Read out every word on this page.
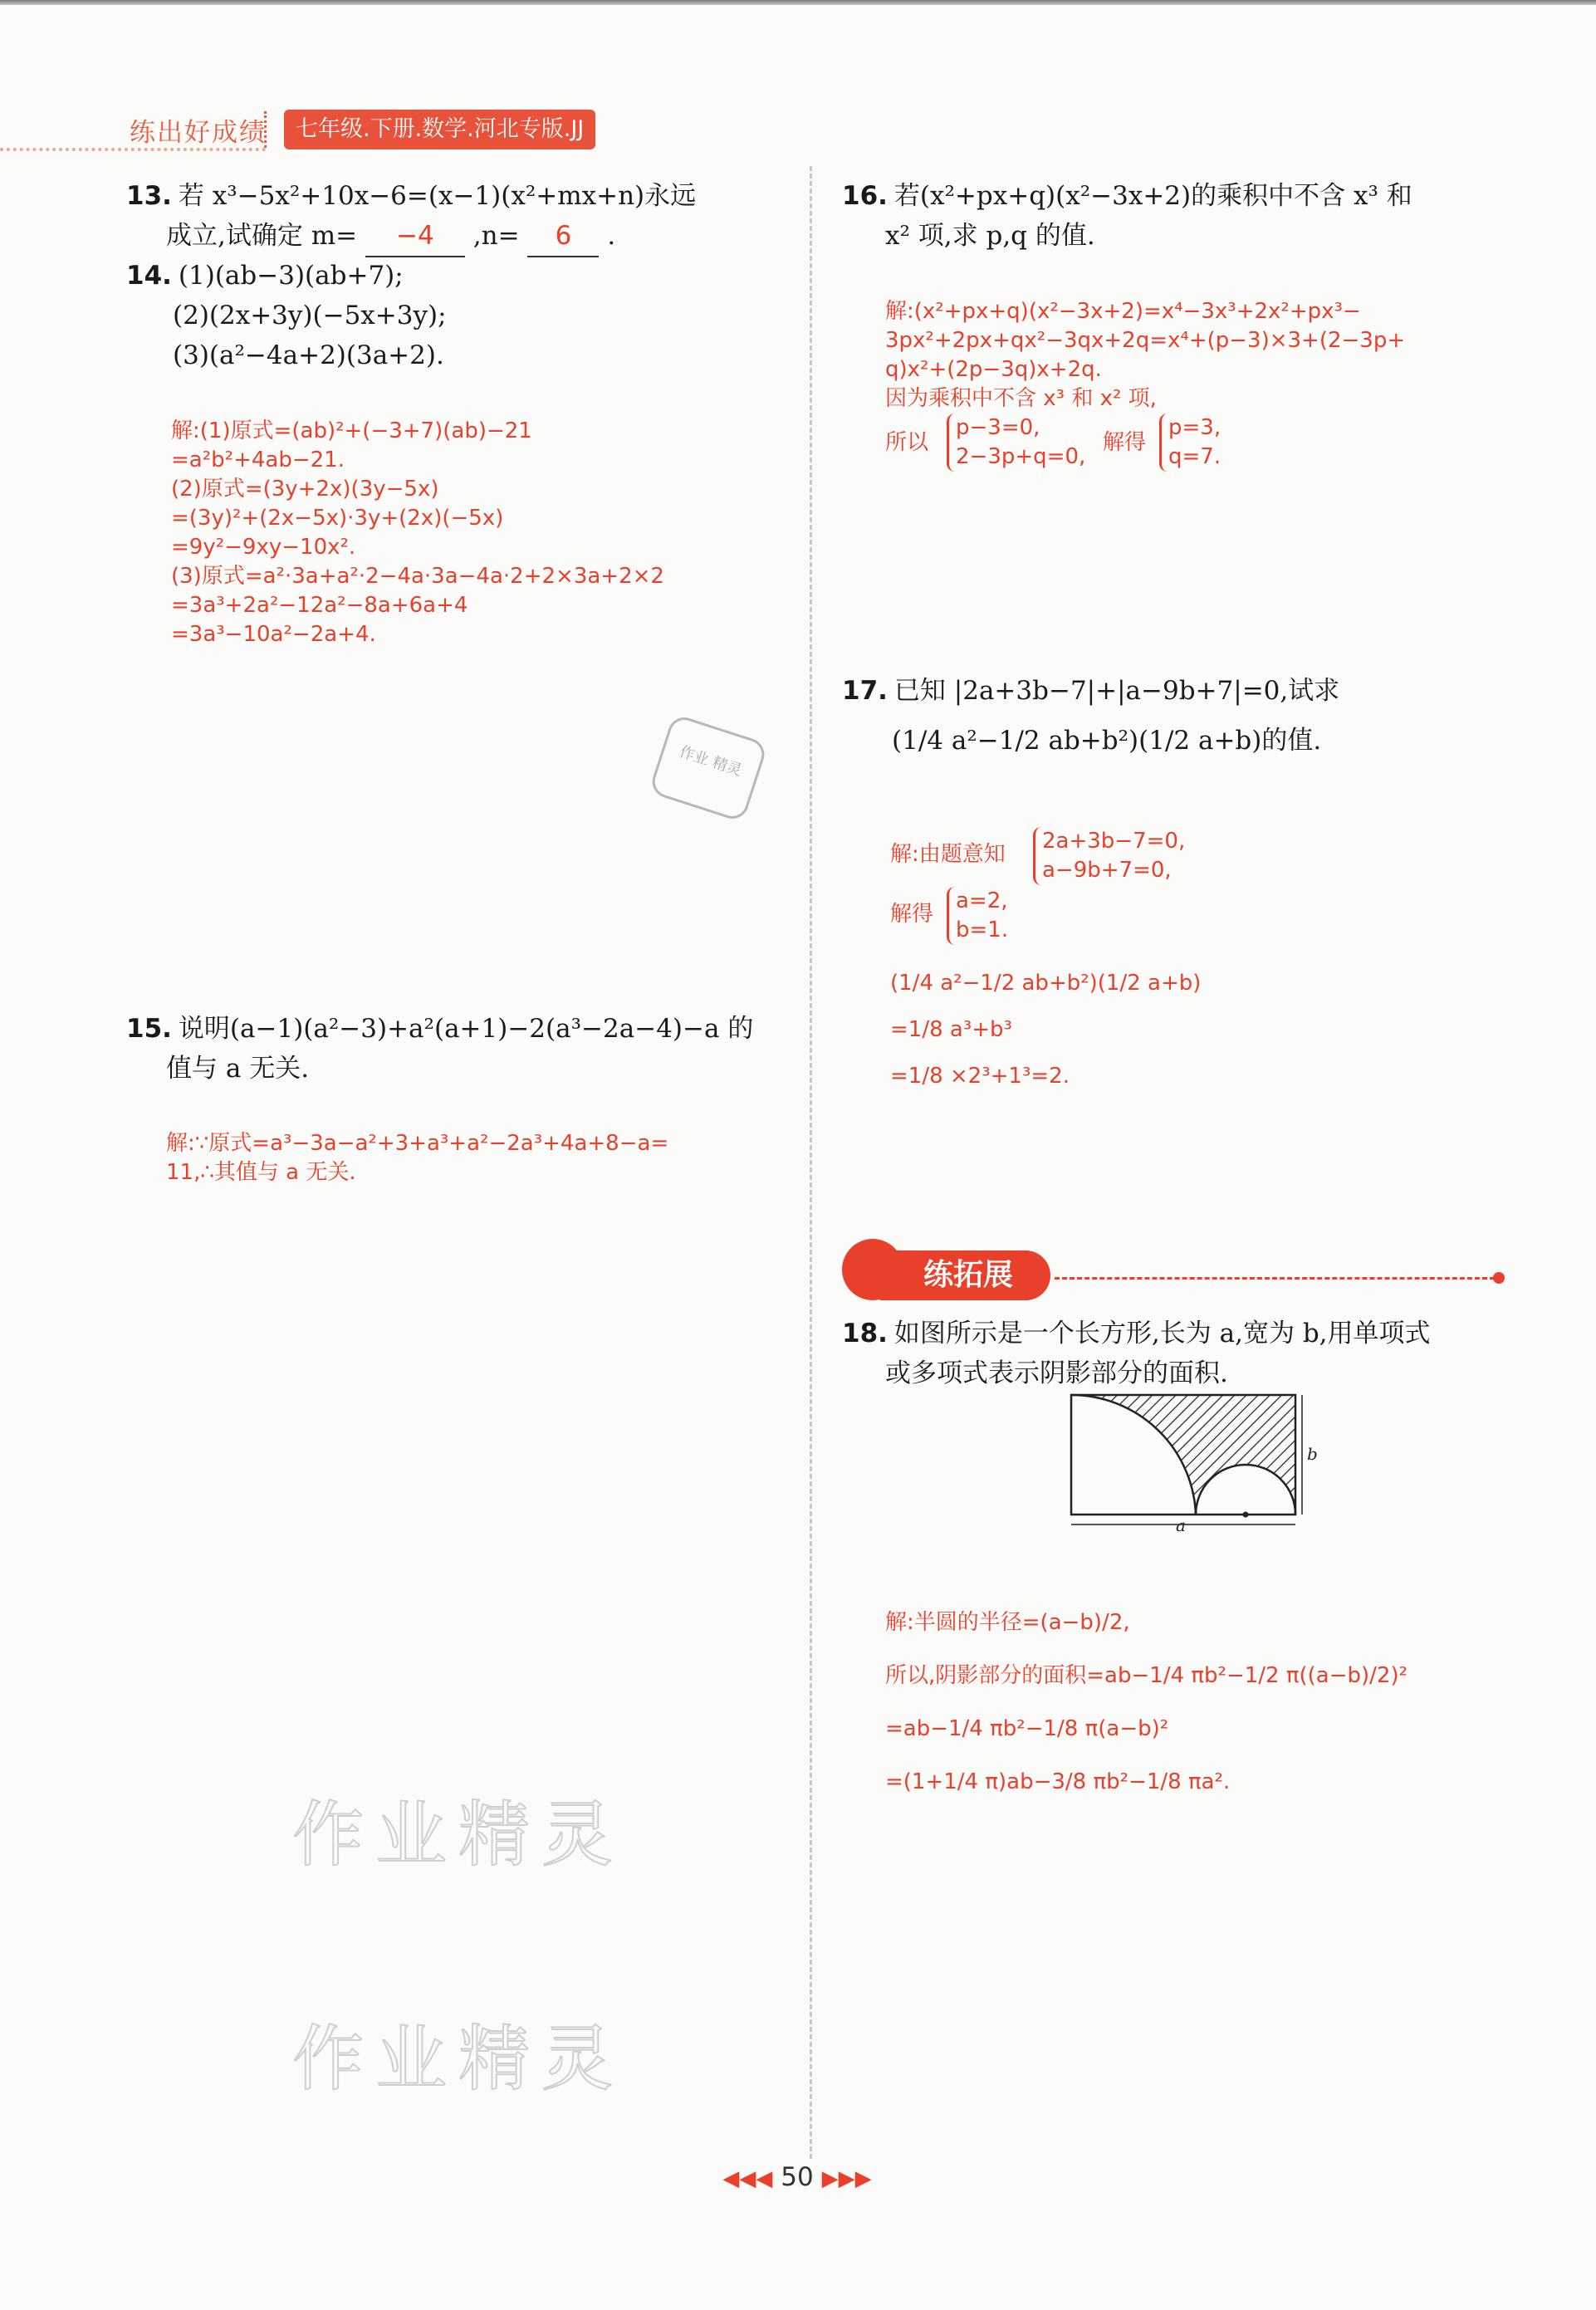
练出好成绩	七年级.下册.数学.河北专版.JJ
13. 若 x³−5x²+10x−6=(x−1)(x²+mx+n)永远
成立,试确定 m= −4 ,n= 6 .
14. (1)(ab−3)(ab+7);
(2)(2x+3y)(−5x+3y);
(3)(a²−4a+2)(3a+2).
解:(1)原式=(ab)²+(−3+7)(ab)−21
=a²b²+4ab−21.
(2)原式=(3y+2x)(3y−5x)
=(3y)²+(2x−5x)·3y+(2x)(−5x)
=9y²−9xy−10x².
(3)原式=a²·3a+a²·2−4a·3a−4a·2+2×3a+2×2
=3a³+2a²−12a²−8a+6a+4
=3a³−10a²−2a+4.
作业 精灵
15. 说明(a−1)(a²−3)+a²(a+1)−2(a³−2a−4)−a 的
值与 a 无关.
解:∵原式=a³−3a−a²+3+a³+a²−2a³+4a+8−a=
11,∴其值与 a 无关.
16. 若(x²+px+q)(x²−3x+2)的乘积中不含 x³ 和
x² 项,求 p,q 的值.
解:(x²+px+q)(x²−3x+2)=x⁴−3x³+2x²+px³−
3px²+2px+qx²−3qx+2q=x⁴+(p−3)×3+(2−3p+
q)x²+(2p−3q)x+2q.
因为乘积中不含 x³ 和 x² 项,
所以
p−3=0,
2−3p+q=0,
解得
p=3,
q=7.
17. 已知 |2a+3b−7|+|a−9b+7|=0,试求
(1/4 a²−1/2 ab+b²)(1/2 a+b)的值.
解:由题意知
2a+3b−7=0,
a−9b+7=0,
解得
a=2,
b=1.
(1/4 a²−1/2 ab+b²)(1/2 a+b)
=1/8 a³+b³
=1/8 ×2³+1³=2.
练拓展
18. 如图所示是一个长方形,长为 a,宽为 b,用单项式
或多项式表示阴影部分的面积.
b
a
解:半圆的半径=(a−b)/2,
所以,阴影部分的面积=ab−1/4 πb²−1/2 π((a−b)/2)²
=ab−1/4 πb²−1/8 π(a−b)²
=(1+1/4 π)ab−3/8 πb²−1/8 πa².
作业精灵
作业精灵
◀◀◀ 50 ▶▶▶
